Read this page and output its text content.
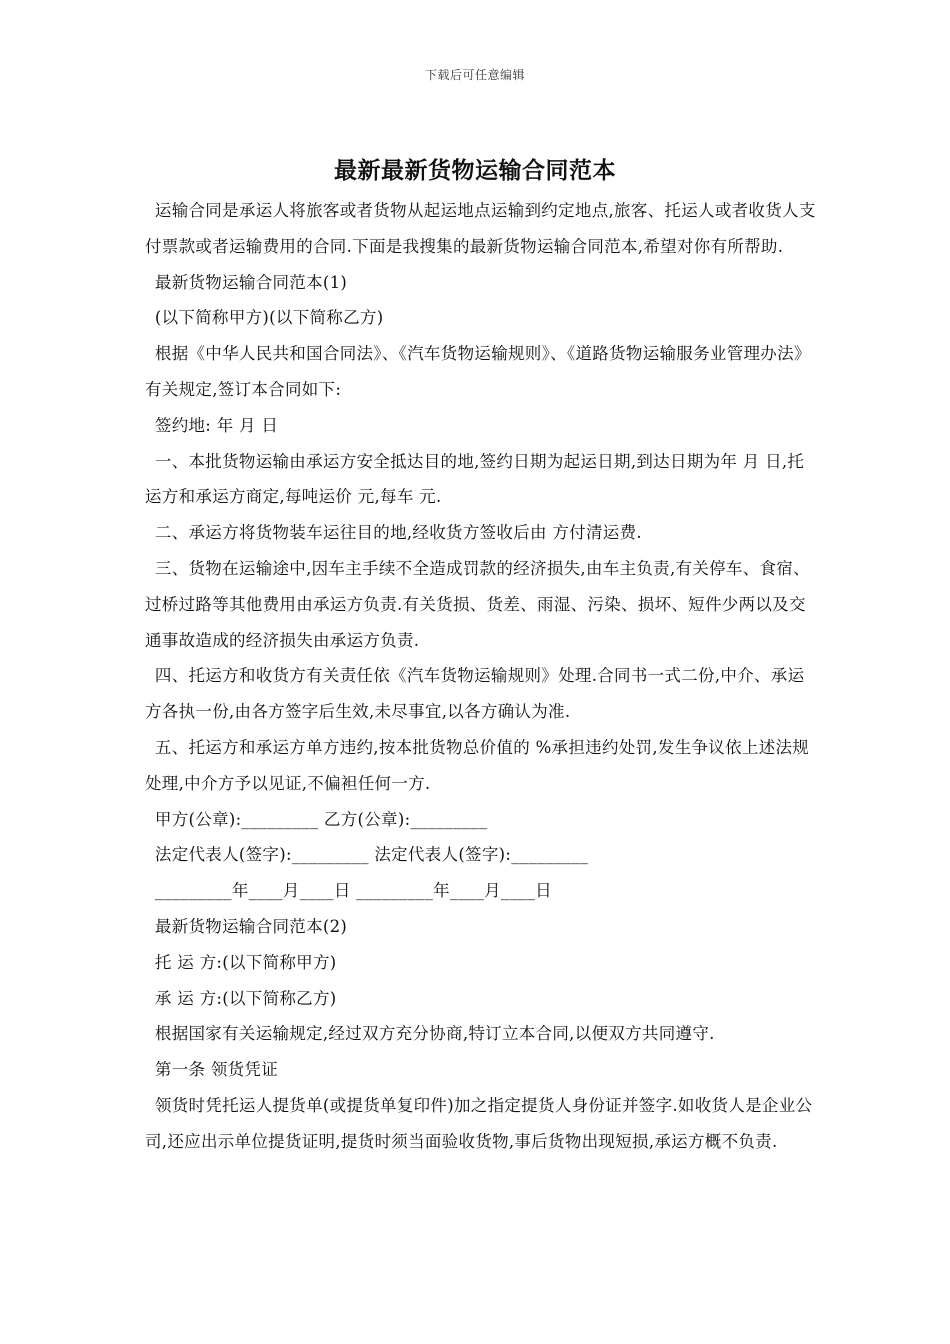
下载后可任意编辑
最新最新货物运输合同范本

运输合同是承运人将旅客或者货物从起运地点运输到约定地点,旅客、托运人或者收货人支付票款或者运输费用的合同.下面是我搜集的最新货物运输合同范本,希望对你有所帮助.

最新货物运输合同范本(1)

(以下简称甲方)(以下简称乙方)

根据《中华人民共和国合同法》、《汽车货物运输规则》、《道路货物运输服务业管理办法》有关规定,签订本合同如下:

签约地: 年 月 日

一、本批货物运输由承运方安全抵达目的地,签约日期为起运日期,到达日期为年 月 日,托运方和承运方商定,每吨运价 元,每车 元.

二、承运方将货物装车运往目的地,经收货方签收后由 方付清运费.

三、货物在运输途中,因车主手续不全造成罚款的经济损失,由车主负责,有关停车、食宿、过桥过路等其他费用由承运方负责.有关货损、货差、雨湿、污染、损坏、短件少两以及交通事故造成的经济损失由承运方负责.

四、托运方和收货方有关责任依《汽车货物运输规则》处理.合同书一式二份,中介、承运方各执一份,由各方签字后生效,未尽事宜,以各方确认为准.

五、托运方和承运方单方违约,按本批货物总价值的 %承担违约处罚,发生争议依上述法规处理,中介方予以见证,不偏袒任何一方.

甲方(公章):_________ 乙方(公章):_________

法定代表人(签字):_________ 法定代表人(签字):_________

_________年____月____日 _________年____月____日

最新货物运输合同范本(2)

托 运 方:(以下简称甲方)

承 运 方:(以下简称乙方)

根据国家有关运输规定,经过双方充分协商,特订立本合同,以便双方共同遵守.

第一条 领货凭证

领货时凭托运人提货单(或提货单复印件)加之指定提货人身份证并签字.如收货人是企业公司,还应出示单位提货证明,提货时须当面验收货物,事后货物出现短损,承运方概不负责.
